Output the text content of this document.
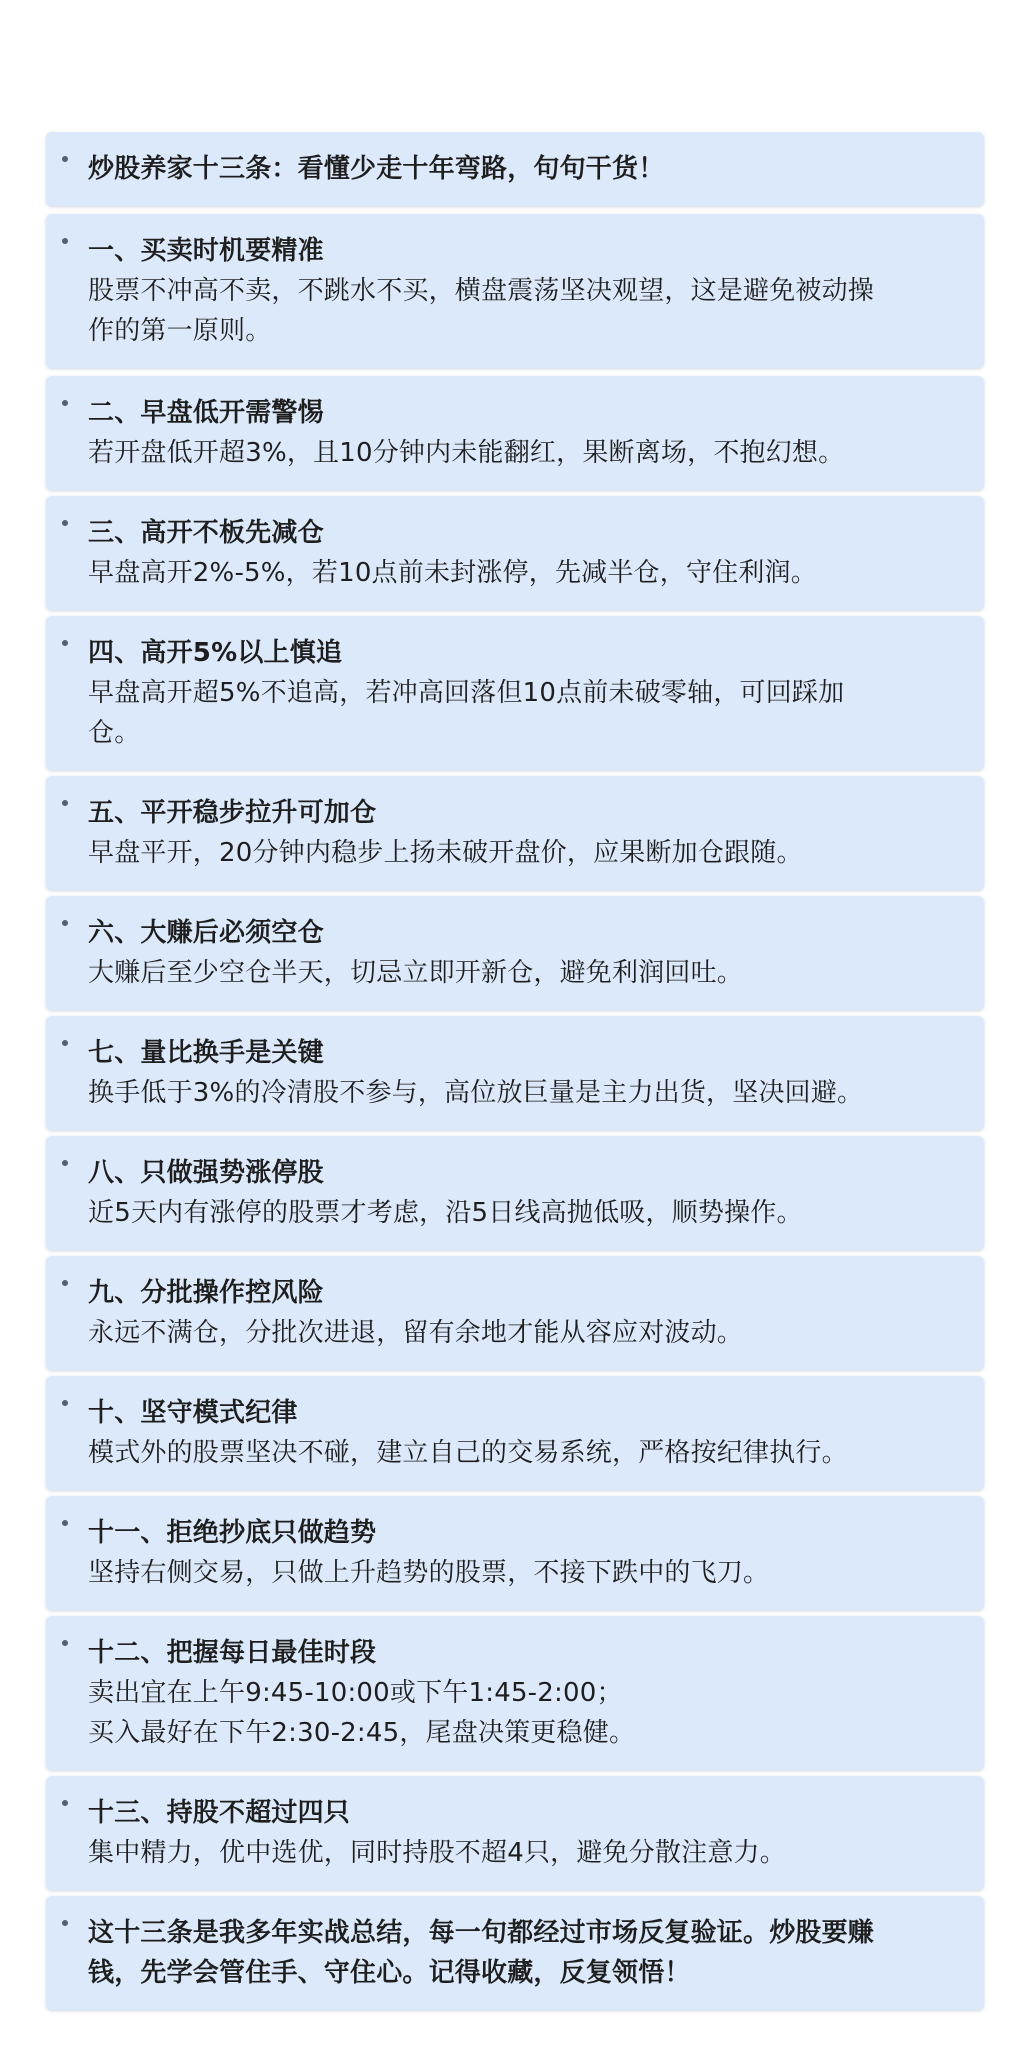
炒股养家十三条：看懂少走十年弯路，句句干货！
一、买卖时机要精准
股票不冲高不卖，不跳水不买，横盘震荡坚决观望，这是避免被动操
作的第一原则。
二、早盘低开需警惕
若开盘低开超3%，且10分钟内未能翻红，果断离场，不抱幻想。
三、高开不板先减仓
早盘高开2%-5%，若10点前未封涨停，先减半仓，守住利润。
四、高开5%以上慎追
早盘高开超5%不追高，若冲高回落但10点前未破零轴，可回踩加
仓。
五、平开稳步拉升可加仓
早盘平开，20分钟内稳步上扬未破开盘价，应果断加仓跟随。
六、大赚后必须空仓
大赚后至少空仓半天，切忌立即开新仓，避免利润回吐。
七、量比换手是关键
换手低于3%的冷清股不参与，高位放巨量是主力出货，坚决回避。
八、只做强势涨停股
近5天内有涨停的股票才考虑，沿5日线高抛低吸，顺势操作。
九、分批操作控风险
永远不满仓，分批次进退，留有余地才能从容应对波动。
十、坚守模式纪律
模式外的股票坚决不碰，建立自己的交易系统，严格按纪律执行。
十一、拒绝抄底只做趋势
坚持右侧交易，只做上升趋势的股票，不接下跌中的飞刀。
十二、把握每日最佳时段
卖出宜在上午9:45-10:00或下午1:45-2:00；
买入最好在下午2:30-2:45，尾盘决策更稳健。
十三、持股不超过四只
集中精力，优中选优，同时持股不超4只，避免分散注意力。
这十三条是我多年实战总结，每一句都经过市场反复验证。炒股要赚
钱，先学会管住手、守住心。记得收藏，反复领悟！
